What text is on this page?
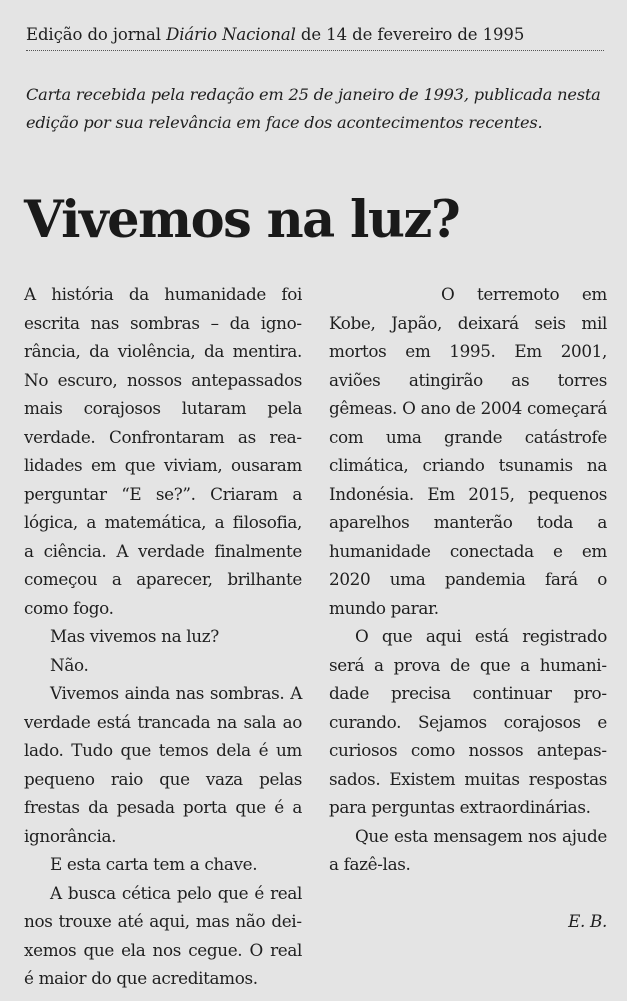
Edição do jornal Diário Nacional de 14 de fevereiro de 1995
Carta recebida pela redação em 25 de janeiro de 1993, publicada nesta edição por sua relevância em face dos acontecimentos recentes.
Vivemos na luz?

A história da humanidade foi escrita nas sombras – da ignorância, da violência, da mentira. No escuro, nossos antepassados mais corajosos lutaram pela verdade. Confrontaram as realidades em que viviam, ousaram perguntar “E se?”. Criaram a lógica, a matemática, a filosofia, a ciência. A verdade finalmente começou a aparecer, brilhante como fogo.

Mas vivemos na luz?

Não.

Vivemos ainda nas sombras. A verdade está trancada na sala ao lado. Tudo que temos dela é um pequeno raio que vaza pelas frestas da pesada porta que é a ignorância.

E esta carta tem a chave.

A busca cética pelo que é real nos trouxe até aqui, mas não deixemos que ela nos cegue. O real é maior do que acreditamos.

O terremoto em Kobe, Japão, deixará seis mil mortos em 1995. Em 2001, aviões atingirão as torres gêmeas. O ano de 2004 começará com uma grande catástrofe climática, criando tsunamis na Indonésia. Em 2015, pequenos aparelhos manterão toda a humanidade conectada e em 2020 uma pandemia fará o mundo parar.

O que aqui está registrado será a prova de que a humanidade precisa continuar procurando. Sejamos corajosos e curiosos como nossos antepassados. Existem muitas respostas para perguntas extraordinárias.

Que esta mensagem nos ajude a fazê-las.

E. B.
